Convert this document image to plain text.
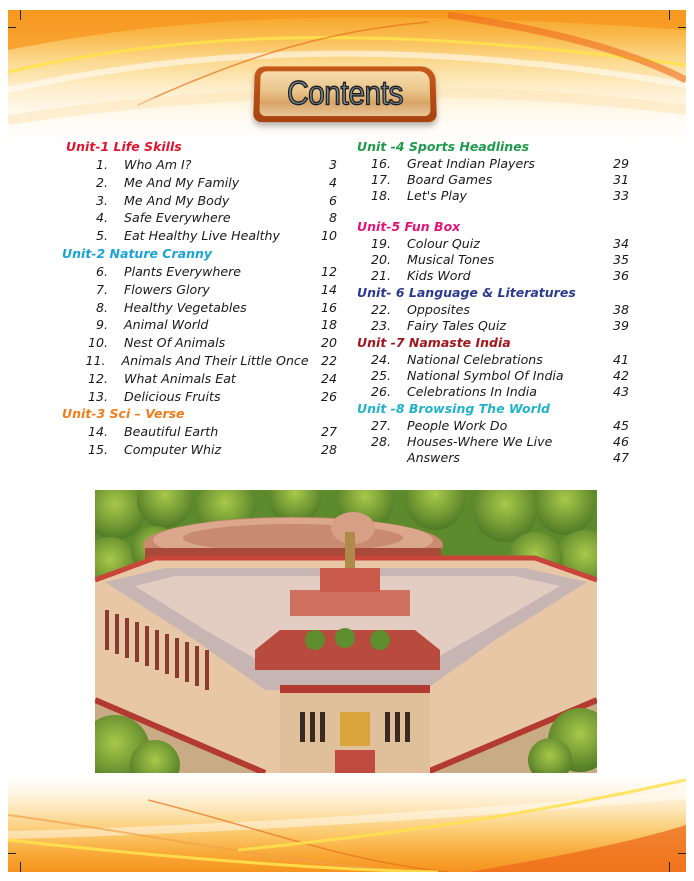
Contents
Unit-1 Life Skills
1.	Who Am I?	3
2.	Me And My Family	4
3.	Me And My Body	6
4.	Safe Everywhere	8
5.	Eat Healthy Live Healthy	10
Unit-2 Nature Cranny
6.	Plants Everywhere	12
7.	Flowers Glory	14
8.	Healthy Vegetables	16
9.	Animal World	18
10.	Nest Of Animals	20
11.	Animals And Their Little Once 22
12.	What Animals Eat	24
13.	Delicious Fruits	26
Unit-3 Sci – Verse
14.	Beautiful Earth	27
15.	Computer Whiz	28
Unit -4 Sports Headlines
16.	Great Indian Players	29
17.	Board Games	31
18.	Let's Play	33
Unit-5 Fun Box
19.	Colour Quiz	34
20.	Musical Tones	35
21.	Kids Word	36
Unit- 6 Language & Literatures
22.	Opposites	38
23.	Fairy Tales Quiz	39
Unit -7 Namaste India
24.	National Celebrations	41
25.	National Symbol Of India	42
26.	Celebrations In India	43
Unit -8 Browsing The World
27.	People Work Do	45
28.	Houses-Where We Live	46
Answers	47
